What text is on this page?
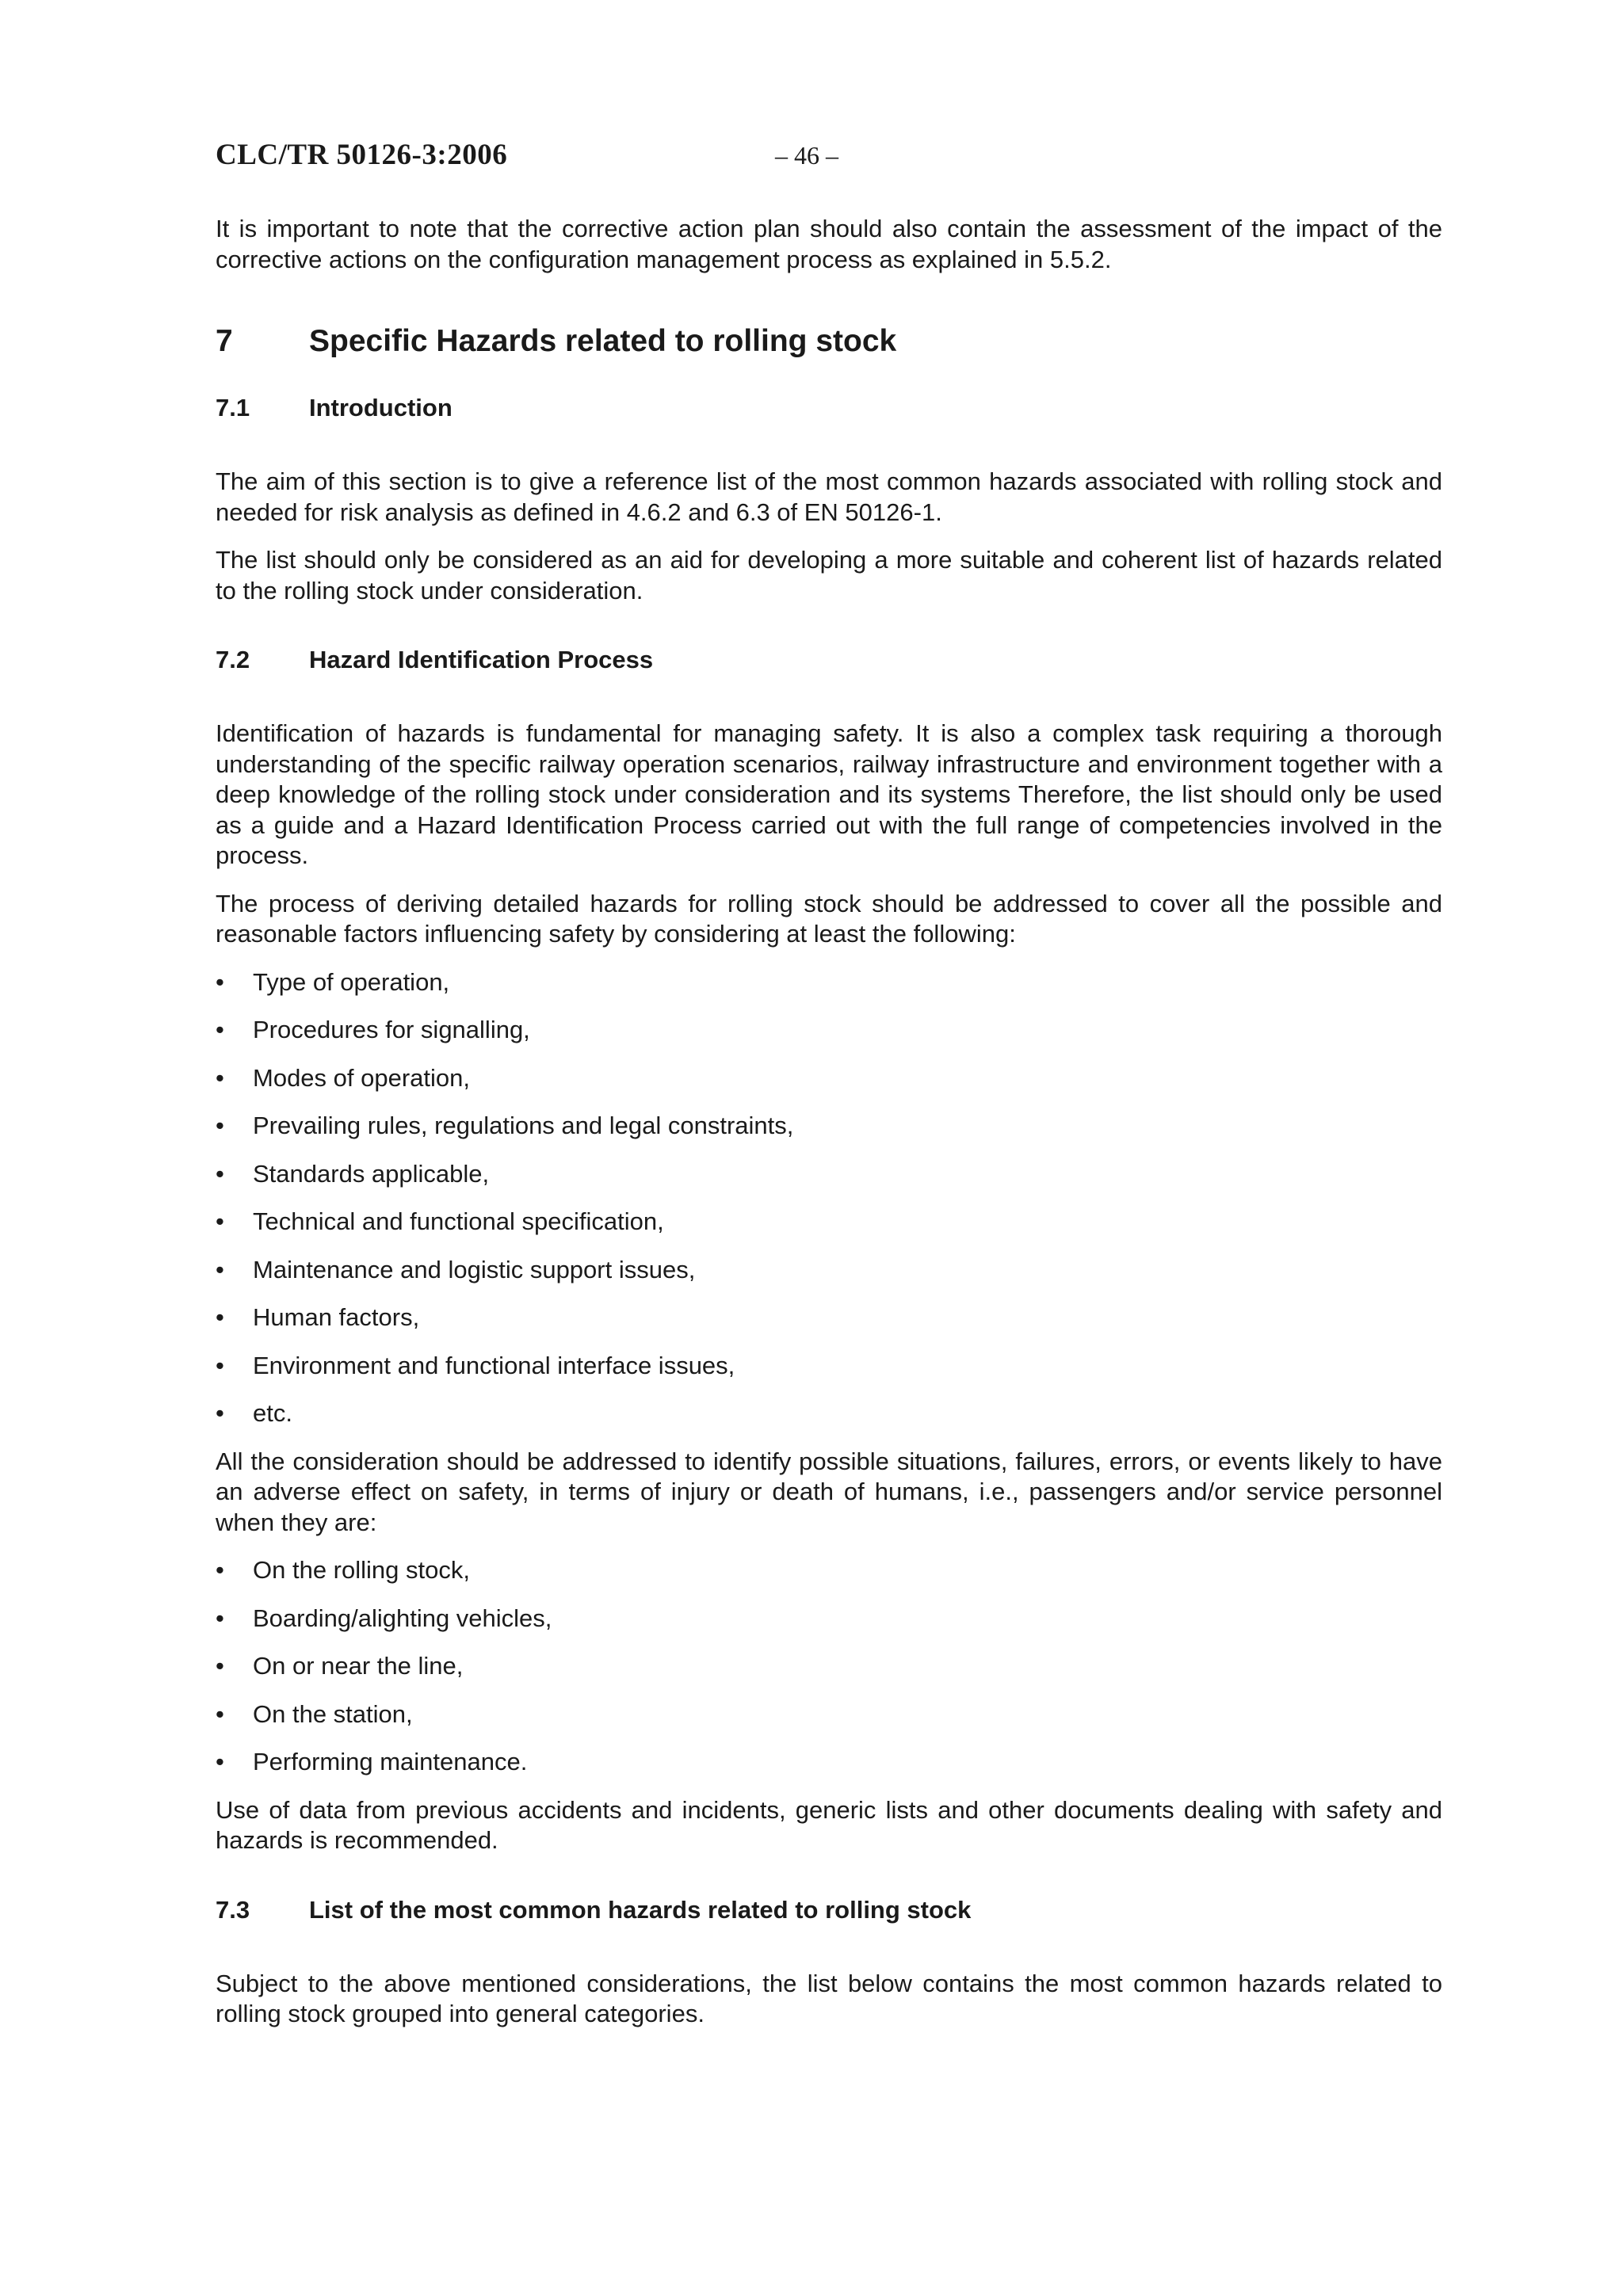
CLC/TR 50126-3:2006	– 46 –

It is important to note that the corrective action plan should also contain the assessment of the impact of the corrective actions on the configuration management process as explained in 5.5.2.

7	Specific Hazards related to rolling stock
7.1	Introduction

The aim of this section is to give a reference list of the most common hazards associated with rolling stock and needed for risk analysis as defined in 4.6.2 and 6.3 of EN 50126-1.

The list should only be considered as an aid for developing a more suitable and coherent list of hazards related to the rolling stock under consideration.

7.2	Hazard Identification Process

Identification of hazards is fundamental for managing safety. It is also a complex task requiring a thorough understanding of the specific railway operation scenarios, railway infrastructure and environment together with a deep knowledge of the rolling stock under consideration and its systems Therefore, the list should only be used as a guide and a Hazard Identification Process carried out with the full range of competencies involved in the process.

The process of deriving detailed hazards for rolling stock should be addressed to cover all the possible and reasonable factors influencing safety by considering at least the following:

•	Type of operation,
•	Procedures for signalling,
•	Modes of operation,
•	Prevailing rules, regulations and legal constraints,
•	Standards applicable,
•	Technical and functional specification,
•	Maintenance and logistic support issues,
•	Human factors,
•	Environment and functional interface issues,
•	etc.

All the consideration should be addressed to identify possible situations, failures, errors, or events likely to have an adverse effect on safety, in terms of injury or death of humans, i.e., passengers and/or service personnel when they are:

•	On the rolling stock,
•	Boarding/alighting vehicles,
•	On or near the line,
•	On the station,
•	Performing maintenance.

Use of data from previous accidents and incidents, generic lists and other documents dealing with safety and hazards is recommended.

7.3	List of the most common hazards related to rolling stock

Subject to the above mentioned considerations, the list below contains the most common hazards related to rolling stock grouped into general categories.
